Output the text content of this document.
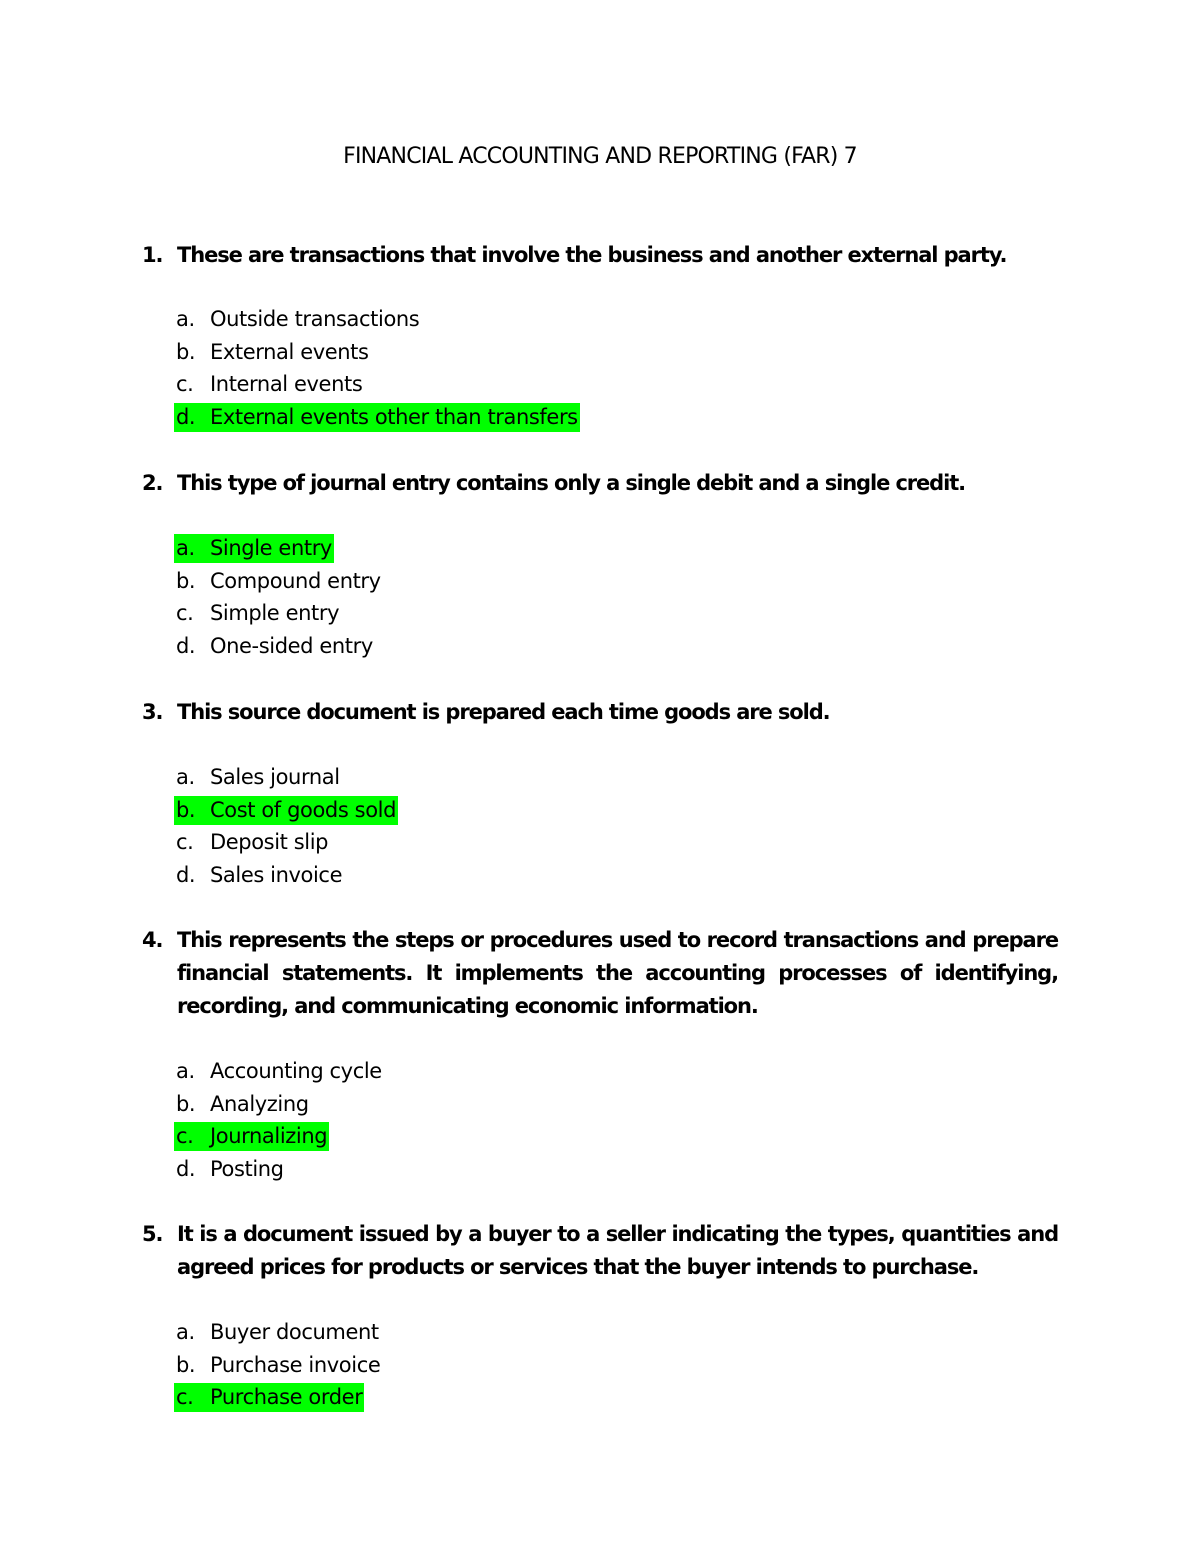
FINANCIAL ACCOUNTING AND REPORTING (FAR) 7
1. These are transactions that involve the business and another external party.
a. Outside transactions
b. External events
c. Internal events
d. External events other than transfers
2. This type of journal entry contains only a single debit and a single credit.
a. Single entry
b. Compound entry
c. Simple entry
d. One-sided entry
3. This source document is prepared each time goods are sold.
a. Sales journal
b. Cost of goods sold
c. Deposit slip
d. Sales invoice
4. This represents the steps or procedures used to record transactions and prepare financial statements. It implements the accounting processes of identifying, recording, and communicating economic information.
a. Accounting cycle
b. Analyzing
c. Journalizing
d. Posting
5. It is a document issued by a buyer to a seller indicating the types, quantities and agreed prices for products or services that the buyer intends to purchase.
a. Buyer document
b. Purchase invoice
c. Purchase order
